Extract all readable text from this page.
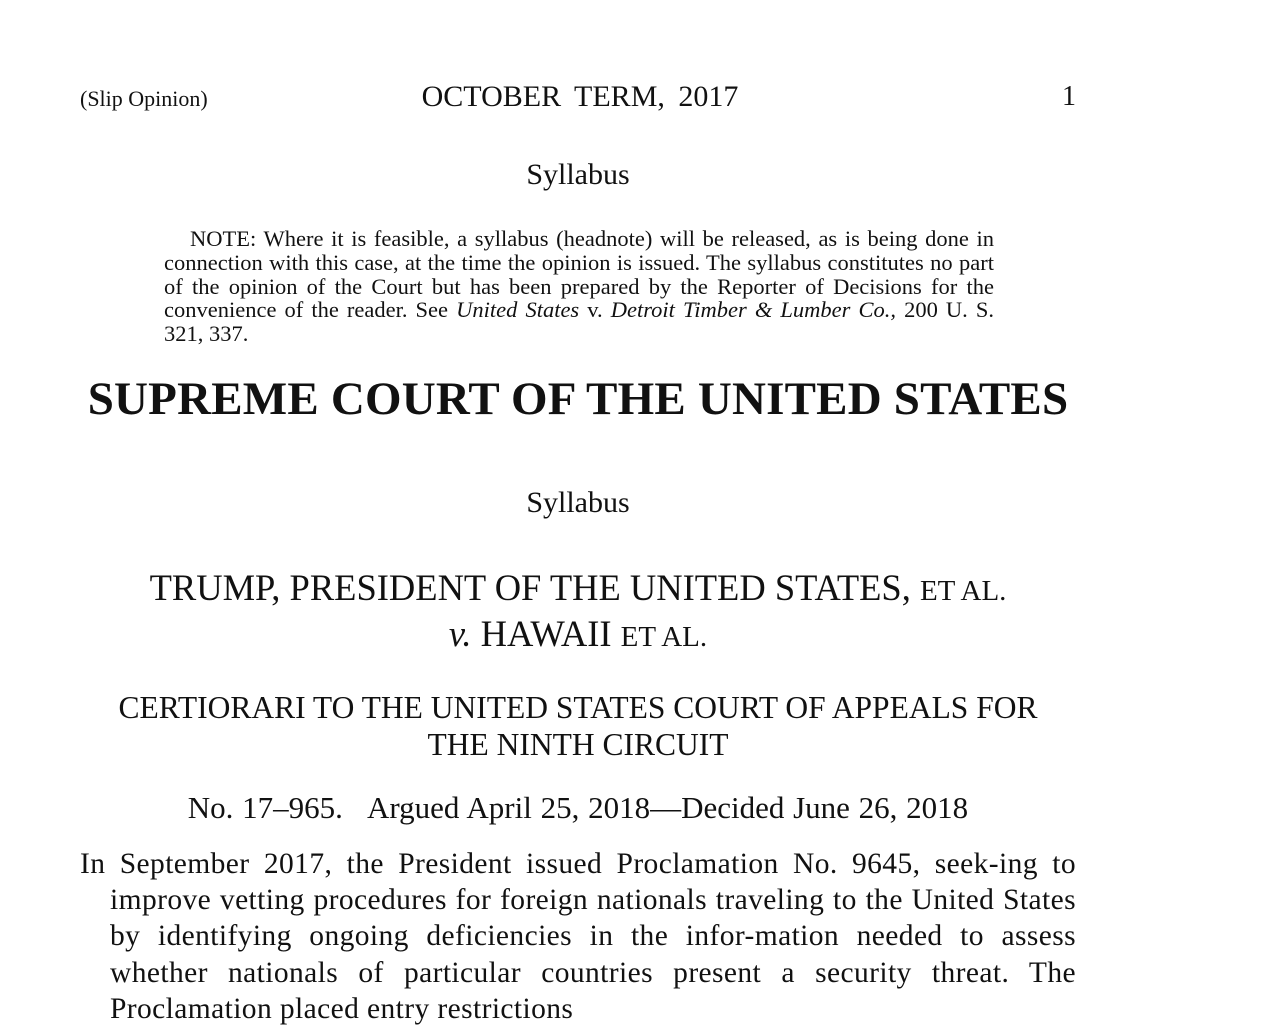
(Slip Opinion)	OCTOBER TERM, 2017	1
Syllabus
NOTE: Where it is feasible, a syllabus (headnote) will be released, as is being done in connection with this case, at the time the opinion is issued. The syllabus constitutes no part of the opinion of the Court but has been prepared by the Reporter of Decisions for the convenience of the reader. See United States v. Detroit Timber & Lumber Co., 200 U. S. 321, 337.
SUPREME COURT OF THE UNITED STATES
Syllabus
TRUMP, PRESIDENT OF THE UNITED STATES, ET AL.
v. HAWAII ET AL.
CERTIORARI TO THE UNITED STATES COURT OF APPEALS FOR
THE NINTH CIRCUIT
No. 17–965. Argued April 25, 2018—Decided June 26, 2018
In September 2017, the President issued Proclamation No. 9645, seek-ing to improve vetting procedures for foreign nationals traveling to the United States by identifying ongoing deficiencies in the infor-mation needed to assess whether nationals of particular countries present a security threat. The Proclamation placed entry restrictions
